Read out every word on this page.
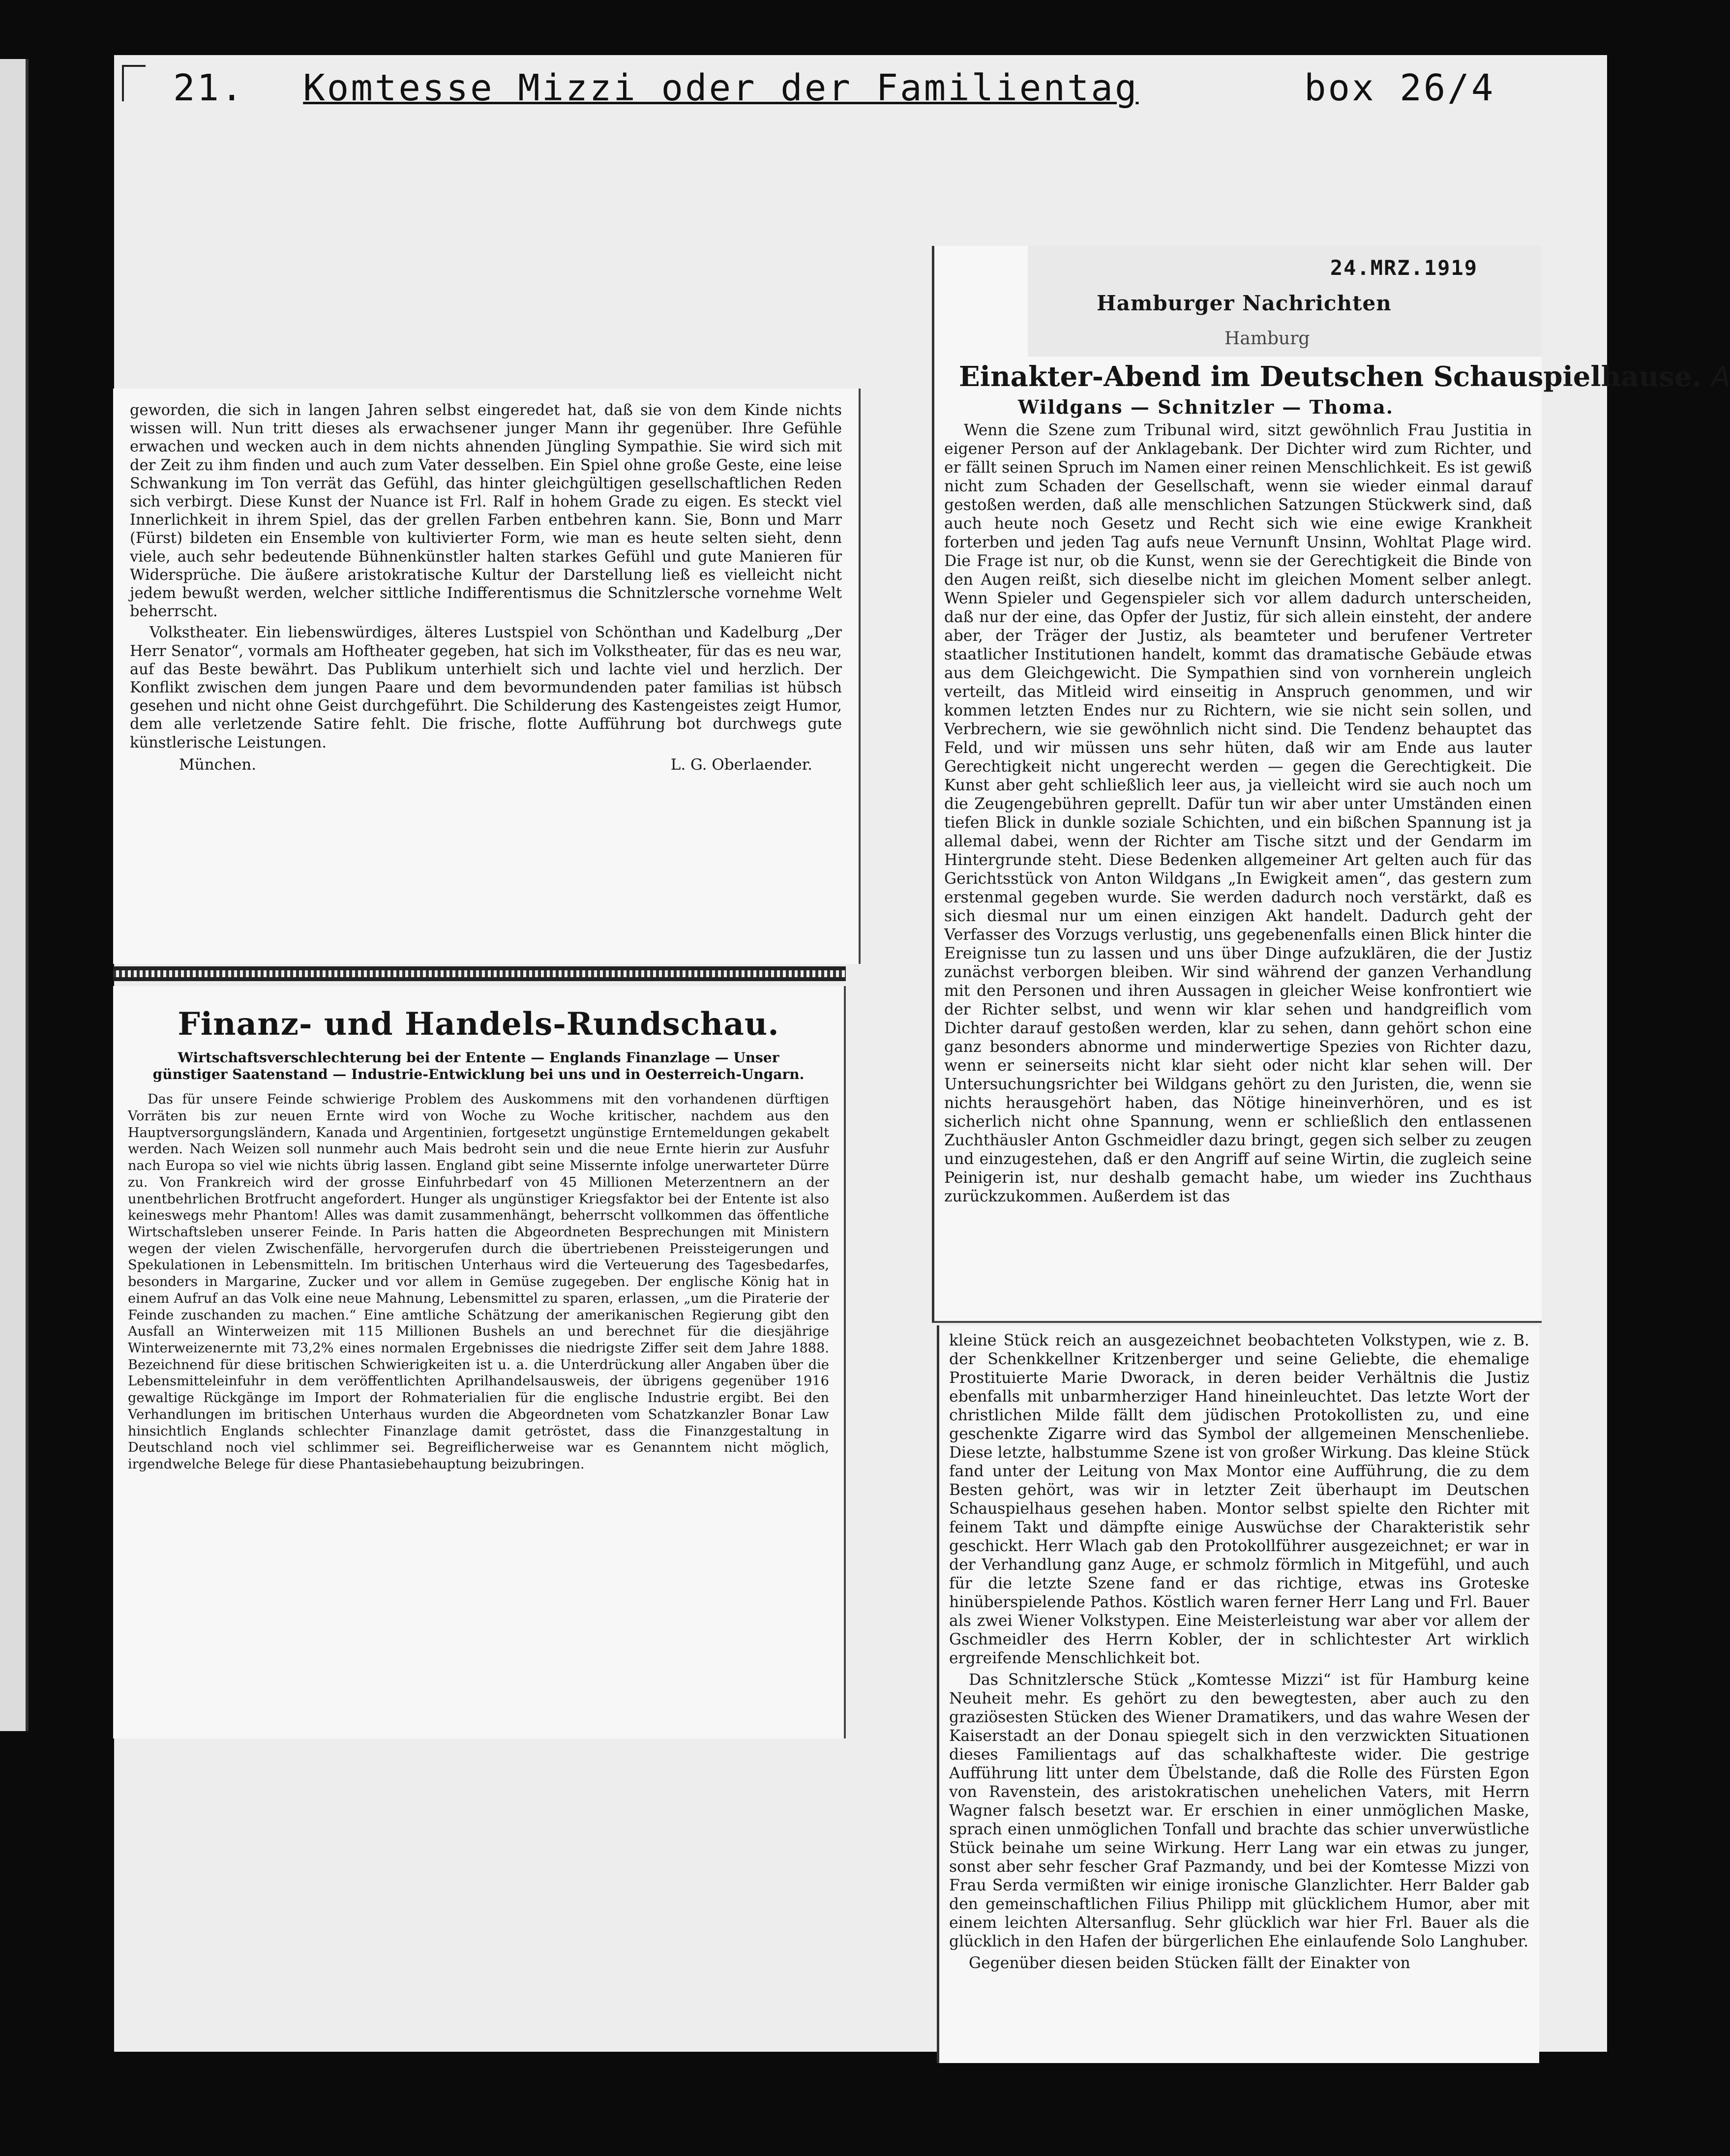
21. Komtesse Mizzi oder der Familientag	box 26/4

geworden, die sich in langen Jahren selbst eingeredet hat, daß sie von dem Kinde nichts wissen will. Nun tritt dieses als erwachsener junger Mann ihr gegenüber. Ihre Gefühle erwachen und wecken auch in dem nichts ahnenden Jüngling Sympathie. Sie wird sich mit der Zeit zu ihm finden und auch zum Vater desselben. Ein Spiel ohne große Geste, eine leise Schwankung im Ton verrät das Gefühl, das hinter gleichgültigen gesellschaftlichen Reden sich verbirgt. Diese Kunst der Nuance ist Frl. Ralf in hohem Grade zu eigen. Es steckt viel Innerlichkeit in ihrem Spiel, das der grellen Farben entbehren kann. Sie, Bonn und Marr (Fürst) bildeten ein Ensemble von kultivierter Form, wie man es heute selten sieht, denn viele, auch sehr bedeutende Bühnenkünstler halten starkes Gefühl und gute Manieren für Widersprüche. Die äußere aristokratische Kultur der Darstellung ließ es vielleicht nicht jedem bewußt werden, welcher sittliche Indifferentismus die Schnitzlersche vornehme Welt beherrscht.

Volkstheater. Ein liebenswürdiges, älteres Lustspiel von Schönthan und Kadelburg „Der Herr Senator“, vormals am Hoftheater gegeben, hat sich im Volkstheater, für das es neu war, auf das Beste bewährt. Das Publikum unterhielt sich und lachte viel und herzlich. Der Konflikt zwischen dem jungen Paare und dem bevormundenden pater familias ist hübsch gesehen und nicht ohne Geist durchgeführt. Die Schilderung des Kastengeistes zeigt Humor, dem alle verletzende Satire fehlt. Die frische, flotte Aufführung bot durchwegs gute künstlerische Leistungen.

München.	L. G. Oberlaender.
Finanz- und Handels-Rundschau.
Wirtschaftsverschlechterung bei der Entente — Englands Finanzlage — Unser günstiger Saatenstand — Industrie-Entwicklung bei uns und in Oesterreich-Ungarn.

Das für unsere Feinde schwierige Problem des Auskommens mit den vorhandenen dürftigen Vorräten bis zur neuen Ernte wird von Woche zu Woche kritischer, nachdem aus den Hauptversorgungsländern, Kanada und Argentinien, fortgesetzt ungünstige Erntemeldungen gekabelt werden. Nach Weizen soll nunmehr auch Mais bedroht sein und die neue Ernte hierin zur Ausfuhr nach Europa so viel wie nichts übrig lassen. England gibt seine Missernte infolge unerwarteter Dürre zu. Von Frankreich wird der grosse Einfuhrbedarf von 45 Millionen Meterzentnern an der unentbehrlichen Brotfrucht angefordert. Hunger als ungünstiger Kriegsfaktor bei der Entente ist also keineswegs mehr Phantom! Alles was damit zusammenhängt, beherrscht vollkommen das öffentliche Wirtschaftsleben unserer Feinde. In Paris hatten die Abgeordneten Besprechungen mit Ministern wegen der vielen Zwischenfälle, hervorgerufen durch die übertriebenen Preissteigerungen und Spekulationen in Lebensmitteln. Im britischen Unterhaus wird die Verteuerung des Tagesbedarfes, besonders in Margarine, Zucker und vor allem in Gemüse zugegeben. Der englische König hat in einem Aufruf an das Volk eine neue Mahnung, Lebensmittel zu sparen, erlassen, „um die Piraterie der Feinde zuschanden zu machen.“ Eine amtliche Schätzung der amerikanischen Regierung gibt den Ausfall an Winterweizen mit 115 Millionen Bushels an und berechnet für die diesjährige Winterweizenernte mit 73,2% eines normalen Ergebnisses die niedrigste Ziffer seit dem Jahre 1888. Bezeichnend für diese britischen Schwierigkeiten ist u. a. die Unterdrückung aller Angaben über die Lebensmitteleinfuhr in dem veröffentlichten Aprilhandelsausweis, der übrigens gegenüber 1916 gewaltige Rückgänge im Import der Rohmaterialien für die englische Industrie ergibt. Bei den Verhandlungen im britischen Unterhaus wurden die Abgeordneten vom Schatzkanzler Bonar Law hinsichtlich Englands schlechter Finanzlage damit getröstet, dass die Finanzgestaltung in Deutschland noch viel schlimmer sei. Begreiflicherweise war es Genanntem nicht möglich, irgendwelche Belege für diese Phantasiebehauptung beizubringen.

24.MRZ.1919
Hamburger Nachrichten
Hamburg
Einakter-Abend im Deutschen Schauspielhause. A
Wildgans — Schnitzler — Thoma.

Wenn die Szene zum Tribunal wird, sitzt gewöhnlich Frau Justitia in eigener Person auf der Anklagebank. Der Dichter wird zum Richter, und er fällt seinen Spruch im Namen einer reinen Menschlichkeit. Es ist gewiß nicht zum Schaden der Gesellschaft, wenn sie wieder einmal darauf gestoßen werden, daß alle menschlichen Satzungen Stückwerk sind, daß auch heute noch Gesetz und Recht sich wie eine ewige Krankheit forterben und jeden Tag aufs neue Vernunft Unsinn, Wohltat Plage wird. Die Frage ist nur, ob die Kunst, wenn sie der Gerechtigkeit die Binde von den Augen reißt, sich dieselbe nicht im gleichen Moment selber anlegt. Wenn Spieler und Gegenspieler sich vor allem dadurch unterscheiden, daß nur der eine, das Opfer der Justiz, für sich allein einsteht, der andere aber, der Träger der Justiz, als beamteter und berufener Vertreter staatlicher Institutionen handelt, kommt das dramatische Gebäude etwas aus dem Gleichgewicht. Die Sympathien sind von vornherein ungleich verteilt, das Mitleid wird einseitig in Anspruch genommen, und wir kommen letzten Endes nur zu Richtern, wie sie nicht sein sollen, und Verbrechern, wie sie gewöhnlich nicht sind. Die Tendenz behauptet das Feld, und wir müssen uns sehr hüten, daß wir am Ende aus lauter Gerechtigkeit nicht ungerecht werden — gegen die Gerechtigkeit. Die Kunst aber geht schließlich leer aus, ja vielleicht wird sie auch noch um die Zeugengebühren geprellt. Dafür tun wir aber unter Umständen einen tiefen Blick in dunkle soziale Schichten, und ein bißchen Spannung ist ja allemal dabei, wenn der Richter am Tische sitzt und der Gendarm im Hintergrunde steht. Diese Bedenken allgemeiner Art gelten auch für das Gerichtsstück von Anton Wildgans „In Ewigkeit amen“, das gestern zum erstenmal gegeben wurde. Sie werden dadurch noch verstärkt, daß es sich diesmal nur um einen einzigen Akt handelt. Dadurch geht der Verfasser des Vorzugs verlustig, uns gegebenenfalls einen Blick hinter die Ereignisse tun zu lassen und uns über Dinge aufzuklären, die der Justiz zunächst verborgen bleiben. Wir sind während der ganzen Verhandlung mit den Personen und ihren Aussagen in gleicher Weise konfrontiert wie der Richter selbst, und wenn wir klar sehen und handgreiflich vom Dichter darauf gestoßen werden, klar zu sehen, dann gehört schon eine ganz besonders abnorme und minderwertige Spezies von Richter dazu, wenn er seinerseits nicht klar sieht oder nicht klar sehen will. Der Untersuchungsrichter bei Wildgans gehört zu den Juristen, die, wenn sie nichts herausgehört haben, das Nötige hineinverhören, und es ist sicherlich nicht ohne Spannung, wenn er schließlich den entlassenen Zuchthäusler Anton Gschmeidler dazu bringt, gegen sich selber zu zeugen und einzugestehen, daß er den Angriff auf seine Wirtin, die zugleich seine Peinigerin ist, nur deshalb gemacht habe, um wieder ins Zuchthaus zurückzukommen. Außerdem ist das

kleine Stück reich an ausgezeichnet beobachteten Volkstypen, wie z. B. der Schenkkellner Kritzenberger und seine Geliebte, die ehemalige Prostituierte Marie Dworack, in deren beider Verhältnis die Justiz ebenfalls mit unbarmherziger Hand hineinleuchtet. Das letzte Wort der christlichen Milde fällt dem jüdischen Protokollisten zu, und eine geschenkte Zigarre wird das Symbol der allgemeinen Menschenliebe. Diese letzte, halbstumme Szene ist von großer Wirkung. Das kleine Stück fand unter der Leitung von Max Montor eine Aufführung, die zu dem Besten gehört, was wir in letzter Zeit überhaupt im Deutschen Schauspielhaus gesehen haben. Montor selbst spielte den Richter mit feinem Takt und dämpfte einige Auswüchse der Charakteristik sehr geschickt. Herr Wlach gab den Protokollführer ausgezeichnet; er war in der Verhandlung ganz Auge, er schmolz förmlich in Mitgefühl, und auch für die letzte Szene fand er das richtige, etwas ins Groteske hinüberspielende Pathos. Köstlich waren ferner Herr Lang und Frl. Bauer als zwei Wiener Volkstypen. Eine Meisterleistung war aber vor allem der Gschmeidler des Herrn Kobler, der in schlichtester Art wirklich ergreifende Menschlichkeit bot.

Das Schnitzlersche Stück „Komtesse Mizzi“ ist für Hamburg keine Neuheit mehr. Es gehört zu den bewegtesten, aber auch zu den graziösesten Stücken des Wiener Dramatikers, und das wahre Wesen der Kaiserstadt an der Donau spiegelt sich in den verzwickten Situationen dieses Familientags auf das schalkhafteste wider. Die gestrige Aufführung litt unter dem Übelstande, daß die Rolle des Fürsten Egon von Ravenstein, des aristokratischen unehelichen Vaters, mit Herrn Wagner falsch besetzt war. Er erschien in einer unmöglichen Maske, sprach einen unmöglichen Tonfall und brachte das schier unverwüstliche Stück beinahe um seine Wirkung. Herr Lang war ein etwas zu junger, sonst aber sehr fescher Graf Pazmandy, und bei der Komtesse Mizzi von Frau Serda vermißten wir einige ironische Glanzlichter. Herr Balder gab den gemeinschaftlichen Filius Philipp mit glücklichem Humor, aber mit einem leichten Altersanflug. Sehr glücklich war hier Frl. Bauer als die glücklich in den Hafen der bürgerlichen Ehe einlaufende Solo Langhuber.

Gegenüber diesen beiden Stücken fällt der Einakter von
